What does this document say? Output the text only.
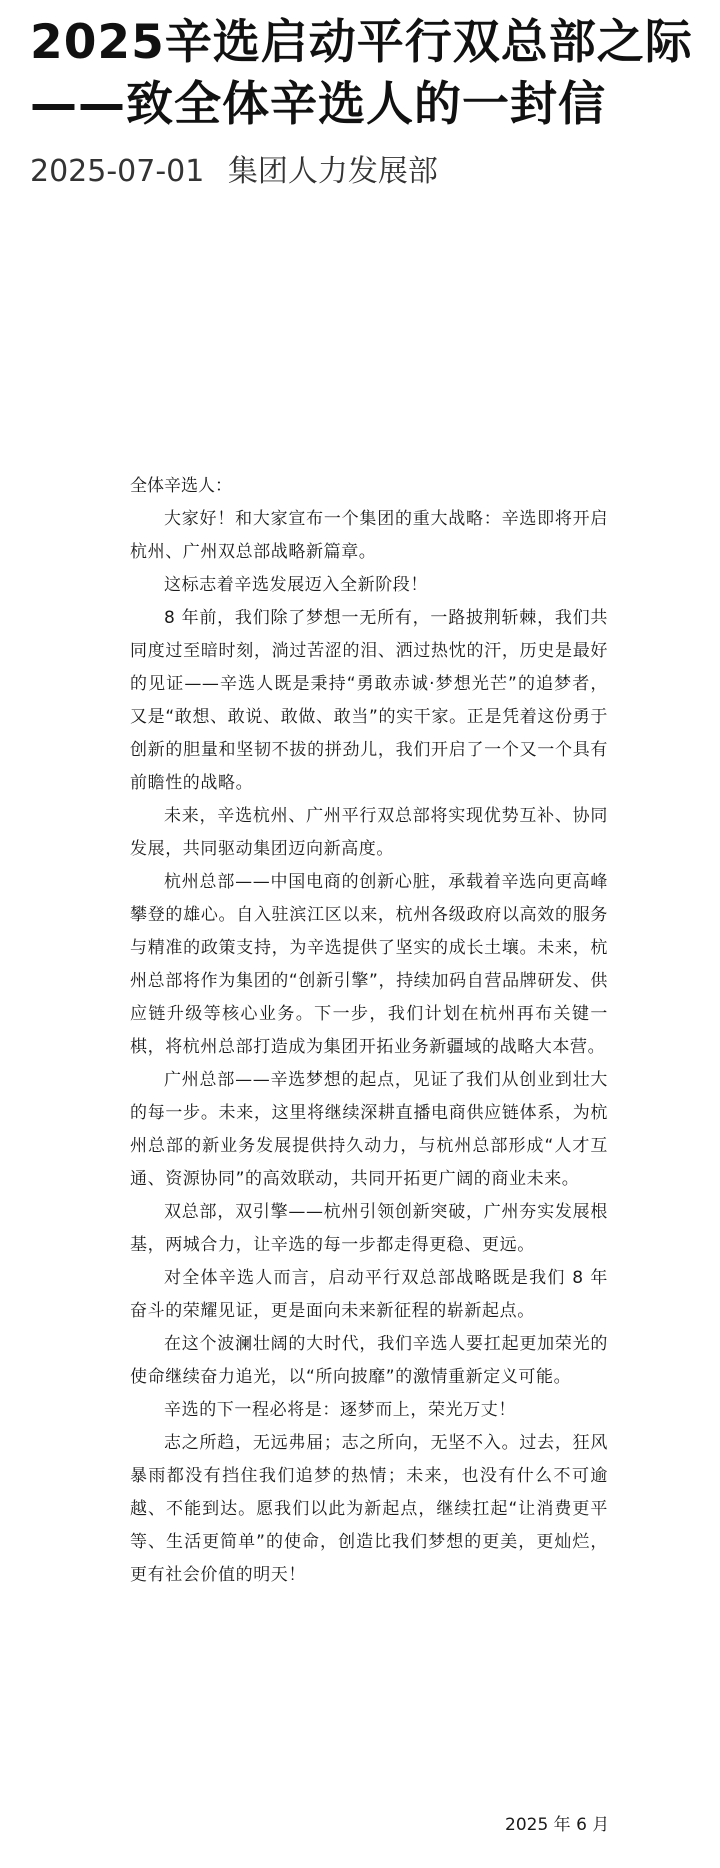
2025辛选启动平行双总部之际——致全体辛选人的一封信
2025-07-01 集团人力发展部

全体辛选人：

大家好！和大家宣布一个集团的重大战略：辛选即将开启杭州、广州双总部战略新篇章。

这标志着辛选发展迈入全新阶段！

8 年前，我们除了梦想一无所有，一路披荆斩棘，我们共同度过至暗时刻，淌过苦涩的泪、洒过热忱的汗，历史是最好的见证——辛选人既是秉持“勇敢赤诚·梦想光芒”的追梦者，又是“敢想、敢说、敢做、敢当”的实干家。正是凭着这份勇于创新的胆量和坚韧不拔的拼劲儿，我们开启了一个又一个具有前瞻性的战略。

未来，辛选杭州、广州平行双总部将实现优势互补、协同发展，共同驱动集团迈向新高度。

杭州总部——中国电商的创新心脏，承载着辛选向更高峰攀登的雄心。自入驻滨江区以来，杭州各级政府以高效的服务与精准的政策支持，为辛选提供了坚实的成长土壤。未来，杭州总部将作为集团的“创新引擎”，持续加码自营品牌研发、供应链升级等核心业务。下一步，我们计划在杭州再布关键一棋，将杭州总部打造成为集团开拓业务新疆域的战略大本营。

广州总部——辛选梦想的起点，见证了我们从创业到壮大的每一步。未来，这里将继续深耕直播电商供应链体系，为杭州总部的新业务发展提供持久动力，与杭州总部形成“人才互通、资源协同”的高效联动，共同开拓更广阔的商业未来。

双总部，双引擎——杭州引领创新突破，广州夯实发展根基，两城合力，让辛选的每一步都走得更稳、更远。

对全体辛选人而言，启动平行双总部战略既是我们 8 年奋斗的荣耀见证，更是面向未来新征程的崭新起点。

在这个波澜壮阔的大时代，我们辛选人要扛起更加荣光的使命继续奋力追光，以“所向披靡”的激情重新定义可能。

辛选的下一程必将是：逐梦而上，荣光万丈！

志之所趋，无远弗届；志之所向，无坚不入。过去，狂风暴雨都没有挡住我们追梦的热情；未来，也没有什么不可逾越、不能到达。愿我们以此为新起点，继续扛起“让消费更平等、生活更简单”的使命，创造比我们梦想的更美，更灿烂，更有社会价值的明天！

2025 年 6 月
